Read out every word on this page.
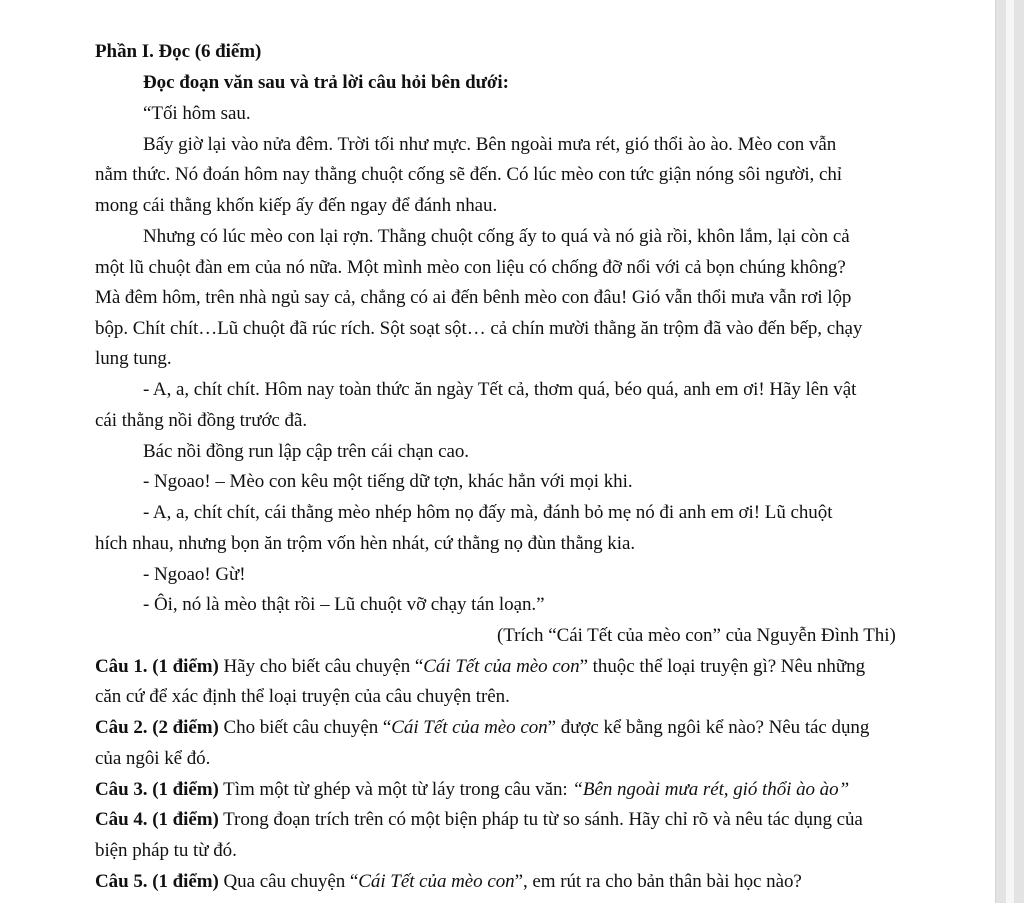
Phần I. Đọc (6 điểm)
Đọc đoạn văn sau và trả lời câu hỏi bên dưới:
“Tối hôm sau.
Bấy giờ lại vào nửa đêm. Trời tối như mực. Bên ngoài mưa rét, gió thổi ào ào. Mèo con vẫn
nằm thức. Nó đoán hôm nay thằng chuột cống sẽ đến. Có lúc mèo con tức giận nóng sôi người, chỉ
mong cái thằng khốn kiếp ấy đến ngay để đánh nhau.
Nhưng có lúc mèo con lại rợn. Thằng chuột cống ấy to quá và nó già rồi, khôn lắm, lại còn cả
một lũ chuột đàn em của nó nữa. Một mình mèo con liệu có chống đỡ nổi với cả bọn chúng không?
Mà đêm hôm, trên nhà ngủ say cả, chẳng có ai đến bênh mèo con đâu! Gió vẫn thổi mưa vẫn rơi lộp
bộp. Chít chít…Lũ chuột đã rúc rích. Sột soạt sột… cả chín mười thằng ăn trộm đã vào đến bếp, chạy
lung tung.
- A, a, chít chít. Hôm nay toàn thức ăn ngày Tết cả, thơm quá, béo quá, anh em ơi! Hãy lên vật
cái thằng nồi đồng trước đã.
Bác nồi đồng run lập cập trên cái chạn cao.
- Ngoao! – Mèo con kêu một tiếng dữ tợn, khác hẳn với mọi khi.
- A, a, chít chít, cái thằng mèo nhép hôm nọ đấy mà, đánh bỏ mẹ nó đi anh em ơi! Lũ chuột
hích nhau, nhưng bọn ăn trộm vốn hèn nhát, cứ thằng nọ đùn thằng kia.
- Ngoao! Gừ!
- Ôi, nó là mèo thật rồi – Lũ chuột vỡ chạy tán loạn.”
(Trích “Cái Tết của mèo con” của Nguyễn Đình Thi)
Câu 1. (1 điểm) Hãy cho biết câu chuyện “Cái Tết của mèo con” thuộc thể loại truyện gì? Nêu những
căn cứ để xác định thể loại truyện của câu chuyện trên.
Câu 2. (2 điểm) Cho biết câu chuyện “Cái Tết của mèo con” được kể bằng ngôi kể nào? Nêu tác dụng
của ngôi kể đó.
Câu 3. (1 điểm) Tìm một từ ghép và một từ láy trong câu văn: “Bên ngoài mưa rét, gió thổi ào ào”
Câu 4. (1 điểm) Trong đoạn trích trên có một biện pháp tu từ so sánh. Hãy chỉ rõ và nêu tác dụng của
biện pháp tu từ đó.
Câu 5. (1 điểm) Qua câu chuyện “Cái Tết của mèo con”, em rút ra cho bản thân bài học nào?
